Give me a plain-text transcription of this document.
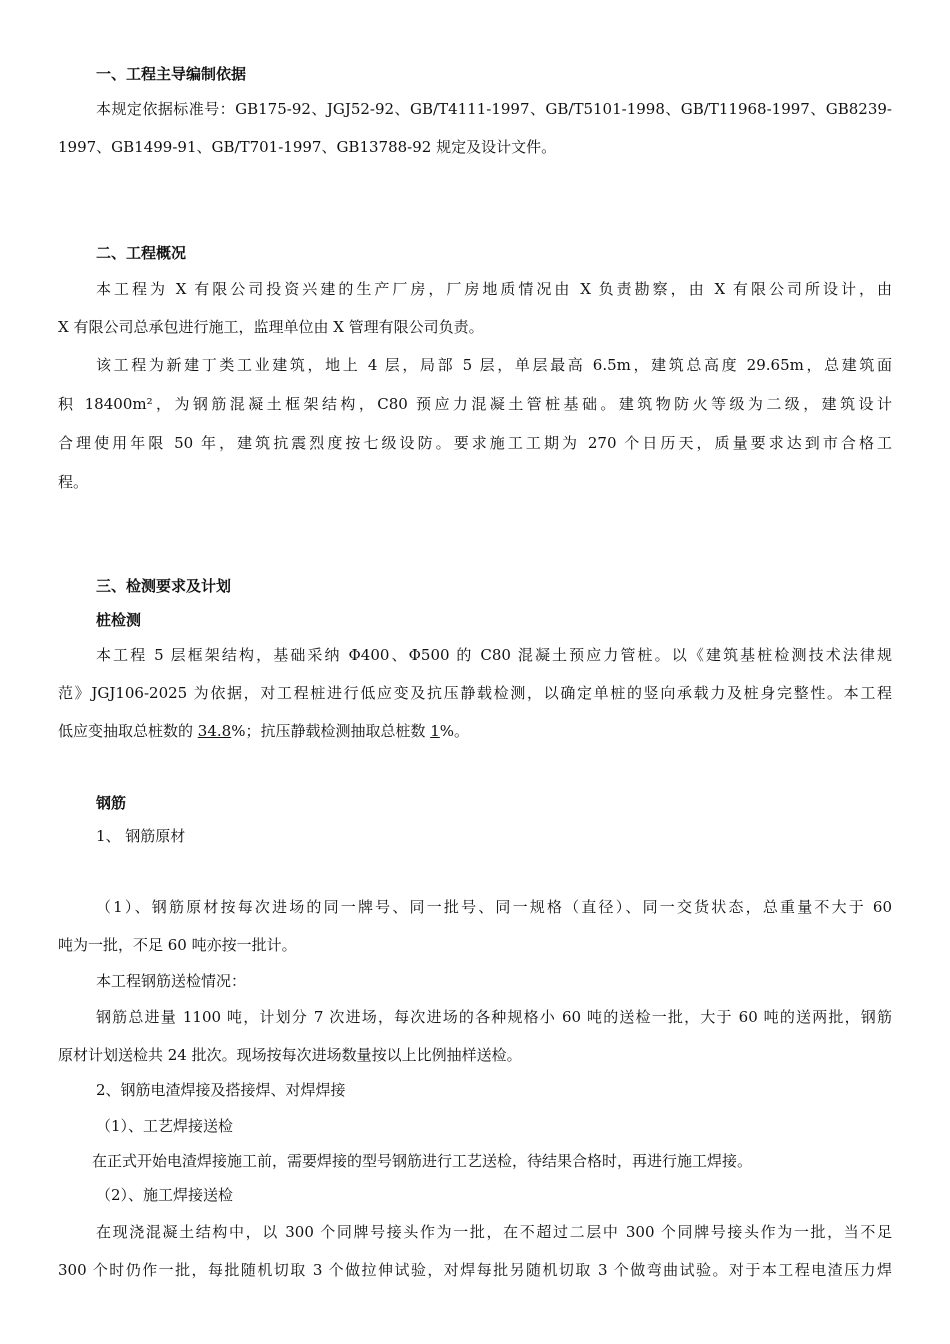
一、工程主导编制依据
本规定依据标准号：GB175-92、JGJ52-92、GB/T4111-1997、GB/T5101-1998、GB/T11968-1997、GB8239-
1997、GB1499-91、GB/T701-1997、GB13788-92 规定及设计文件。
二、工程概况
本工程为 X 有限公司投资兴建的生产厂房，厂房地质情况由 X 负责勘察，由 X 有限公司所设计，由
X 有限公司总承包进行施工，监理单位由 X 管理有限公司负责。
该工程为新建丁类工业建筑，地上 4 层，局部 5 层，单层最高 6.5m，建筑总高度 29.65m，总建筑面
积 18400m²，为钢筋混凝土框架结构，C80 预应力混凝土管桩基础。建筑物防火等级为二级，建筑设计
合理使用年限 50 年，建筑抗震烈度按七级设防。要求施工工期为 270 个日历天，质量要求达到市合格工
程。
三、检测要求及计划
桩检测
本工程 5 层框架结构，基础采纳 Φ400、Φ500 的 C80 混凝土预应力管桩。以《建筑基桩检测技术法律规
范》JGJ106-2025 为依据，对工程桩进行低应变及抗压静载检测，以确定单桩的竖向承载力及桩身完整性。本工程
低应变抽取总桩数的 34.8%；抗压静载检测抽取总桩数 1%。
钢筋
1、 钢筋原材
（1）、钢筋原材按每次进场的同一牌号、同一批号、同一规格（直径）、同一交货状态，总重量不大于 60
吨为一批，不足 60 吨亦按一批计。
本工程钢筋送检情况：
钢筋总进量 1100 吨，计划分 7 次进场，每次进场的各种规格小 60 吨的送检一批，大于 60 吨的送两批，钢筋
原材计划送检共 24 批次。现场按每次进场数量按以上比例抽样送检。
2、钢筋电渣焊接及搭接焊、对焊焊接
（1）、工艺焊接送检
在正式开始电渣焊接施工前，需要焊接的型号钢筋进行工艺送检，待结果合格时，再进行施工焊接。
（2）、施工焊接送检
在现浇混凝土结构中，以 300 个同牌号接头作为一批，在不超过二层中 300 个同牌号接头作为一批，当不足
300 个时仍作一批，每批随机切取 3 个做拉伸试验，对焊每批另随机切取 3 个做弯曲试验。对于本工程电渣压力焊
